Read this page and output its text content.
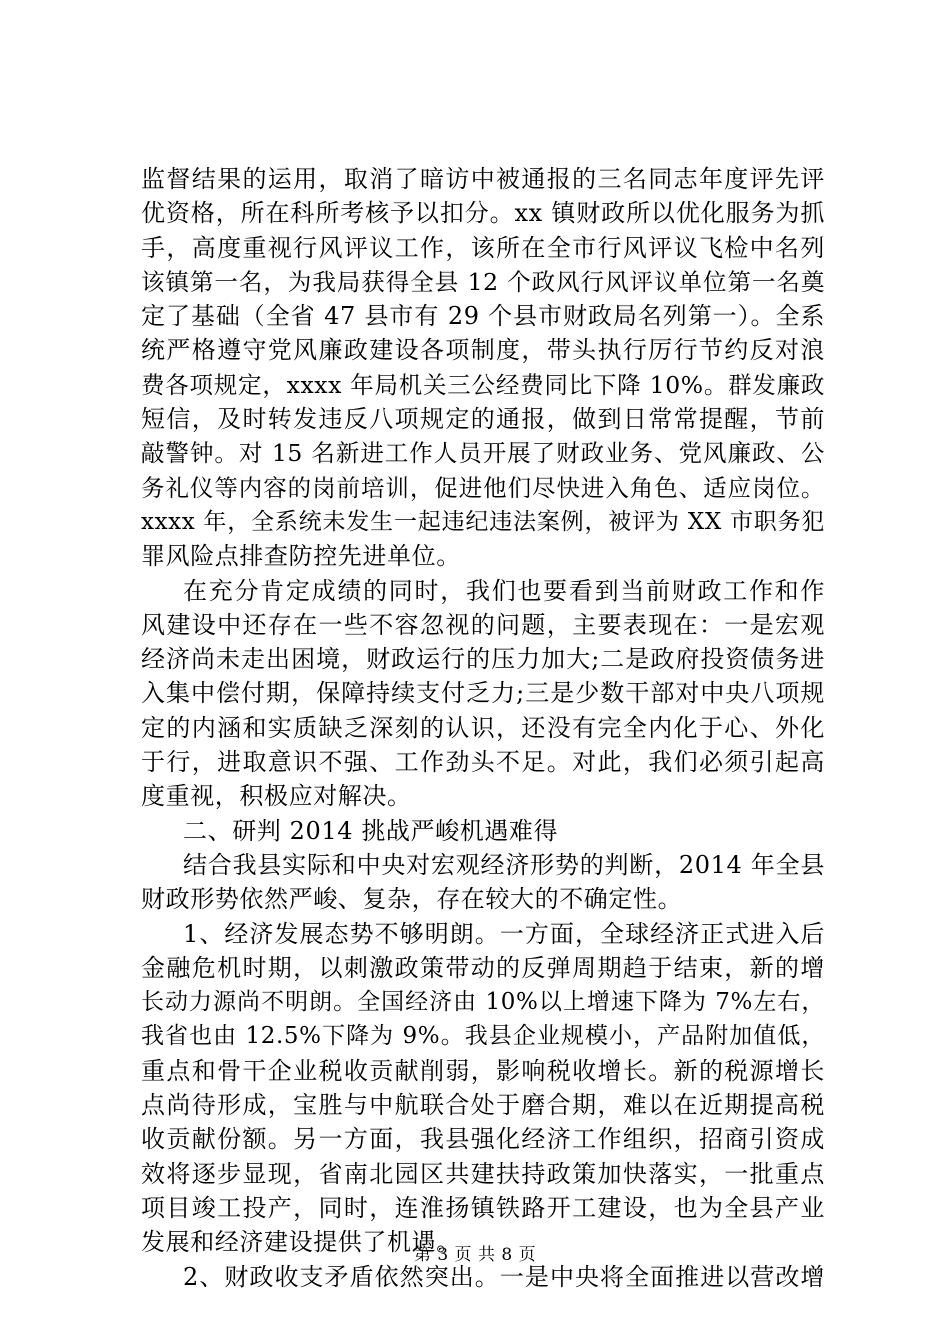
监督结果的运用，取消了暗访中被通报的三名同志年度评先评
优资格，所在科所考核予以扣分。xx 镇财政所以优化服务为抓
手，高度重视行风评议工作，该所在全市行风评议飞检中名列
该镇第一名，为我局获得全县 12 个政风行风评议单位第一名奠
定了基础（全省 47 县市有 29 个县市财政局名列第一）。全系
统严格遵守党风廉政建设各项制度，带头执行厉行节约反对浪
费各项规定，xxxx 年局机关三公经费同比下降 10%。群发廉政
短信，及时转发违反八项规定的通报，做到日常常提醒，节前
敲警钟。对 15 名新进工作人员开展了财政业务、党风廉政、公
务礼仪等内容的岗前培训，促进他们尽快进入角色、适应岗位。
xxxx 年，全系统未发生一起违纪违法案例，被评为 XX 市职务犯
罪风险点排查防控先进单位。
在充分肯定成绩的同时，我们也要看到当前财政工作和作
风建设中还存在一些不容忽视的问题，主要表现在：一是宏观
经济尚未走出困境，财政运行的压力加大;二是政府投资债务进
入集中偿付期，保障持续支付乏力;三是少数干部对中央八项规
定的内涵和实质缺乏深刻的认识，还没有完全内化于心、外化
于行，进取意识不强、工作劲头不足。对此，我们必须引起高
度重视，积极应对解决。
二、研判 2014 挑战严峻机遇难得
结合我县实际和中央对宏观经济形势的判断，2014 年全县
财政形势依然严峻、复杂，存在较大的不确定性。
1、经济发展态势不够明朗。一方面，全球经济正式进入后
金融危机时期，以刺激政策带动的反弹周期趋于结束，新的增
长动力源尚不明朗。全国经济由 10%以上增速下降为 7%左右，
我省也由 12.5%下降为 9%。我县企业规模小，产品附加值低，
重点和骨干企业税收贡献削弱，影响税收增长。新的税源增长
点尚待形成，宝胜与中航联合处于磨合期，难以在近期提高税
收贡献份额。另一方面，我县强化经济工作组织，招商引资成
效将逐步显现，省南北园区共建扶持政策加快落实，一批重点
项目竣工投产，同时，连淮扬镇铁路开工建设，也为全县产业
发展和经济建设提供了机遇。
2、财政收支矛盾依然突出。一是中央将全面推进以营改增
第 3 页 共 8 页
